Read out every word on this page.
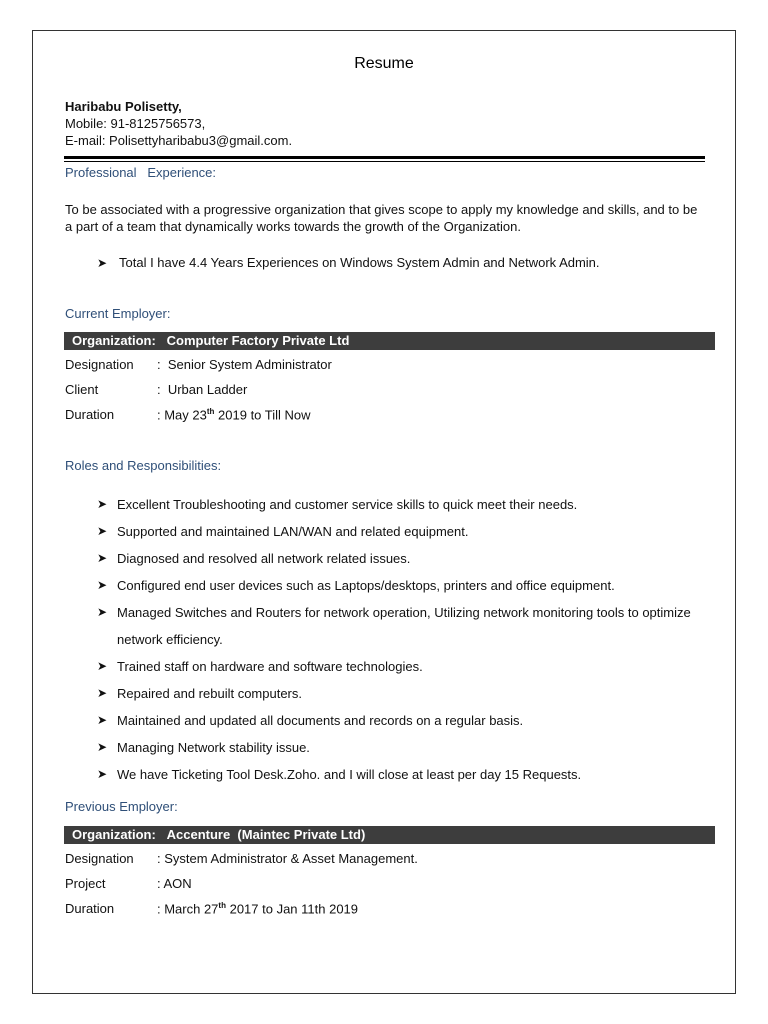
Resume
Haribabu Polisetty,
Mobile: 91-8125756573,
E-mail: Polisettyharibabu3@gmail.com.
Professional   Experience:
To be associated with a progressive organization that gives scope to apply my knowledge and skills, and to be a part of a team that dynamically works towards the growth of the Organization.
➤ Total I have 4.4 Years Experiences on Windows System Admin and Network Admin.
Current Employer:
Organization: Computer Factory Private Ltd
Designation :  Senior System Administrator
Client	:  Urban Ladder
Duration	: May 23th 2019 to Till Now
Roles and Responsibilities:
➤ Excellent Troubleshooting and customer service skills to quick meet their needs.
➤ Supported and maintained LAN/WAN and related equipment.
➤ Diagnosed and resolved all network related issues.
➤ Configured end user devices such as Laptops/desktops, printers and office equipment.
➤ Managed Switches and Routers for network operation, Utilizing network monitoring tools to optimize network efficiency.
➤ Trained staff on hardware and software technologies.
➤ Repaired and rebuilt computers.
➤ Maintained and updated all documents and records on a regular basis.
➤ Managing Network stability issue.
➤ We have Ticketing Tool Desk.Zoho. and I will close at least per day 15 Requests.
Previous Employer:
Organization: Accenture  (Maintec Private Ltd)
Designation : System Administrator & Asset Management.
Project	: AON
Duration	: March 27th 2017 to Jan 11th 2019
